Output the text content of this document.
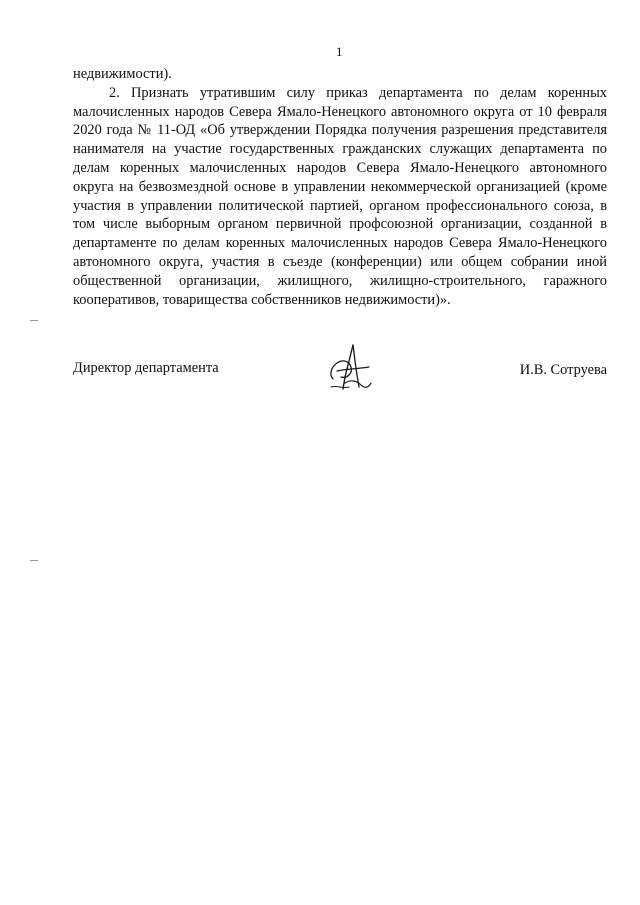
1

недвижимости).

2. Признать утратившим силу приказ департамента по делам коренных малочисленных народов Севера Ямало-Ненецкого автономного округа от 10 февраля 2020 года № 11-ОД «Об утверждении Порядка получения разрешения представителя нанимателя на участие государственных гражданских служащих департамента по делам коренных малочисленных народов Севера Ямало-Ненецкого автономного округа на безвозмездной основе в управлении некоммерческой организацией (кроме участия в управлении политической партией, органом профессионального союза, в том числе выборным органом первичной профсоюзной организации, созданной в департаменте по делам коренных малочисленных народов Севера Ямало-Ненецкого автономного округа, участия в съезде (конференции) или общем собрании иной общественной организации, жилищного, жилищно-строительного, гаражного кооперативов, товарищества собственников недвижимости)».

Директор департамента	И.В. Сотруева
